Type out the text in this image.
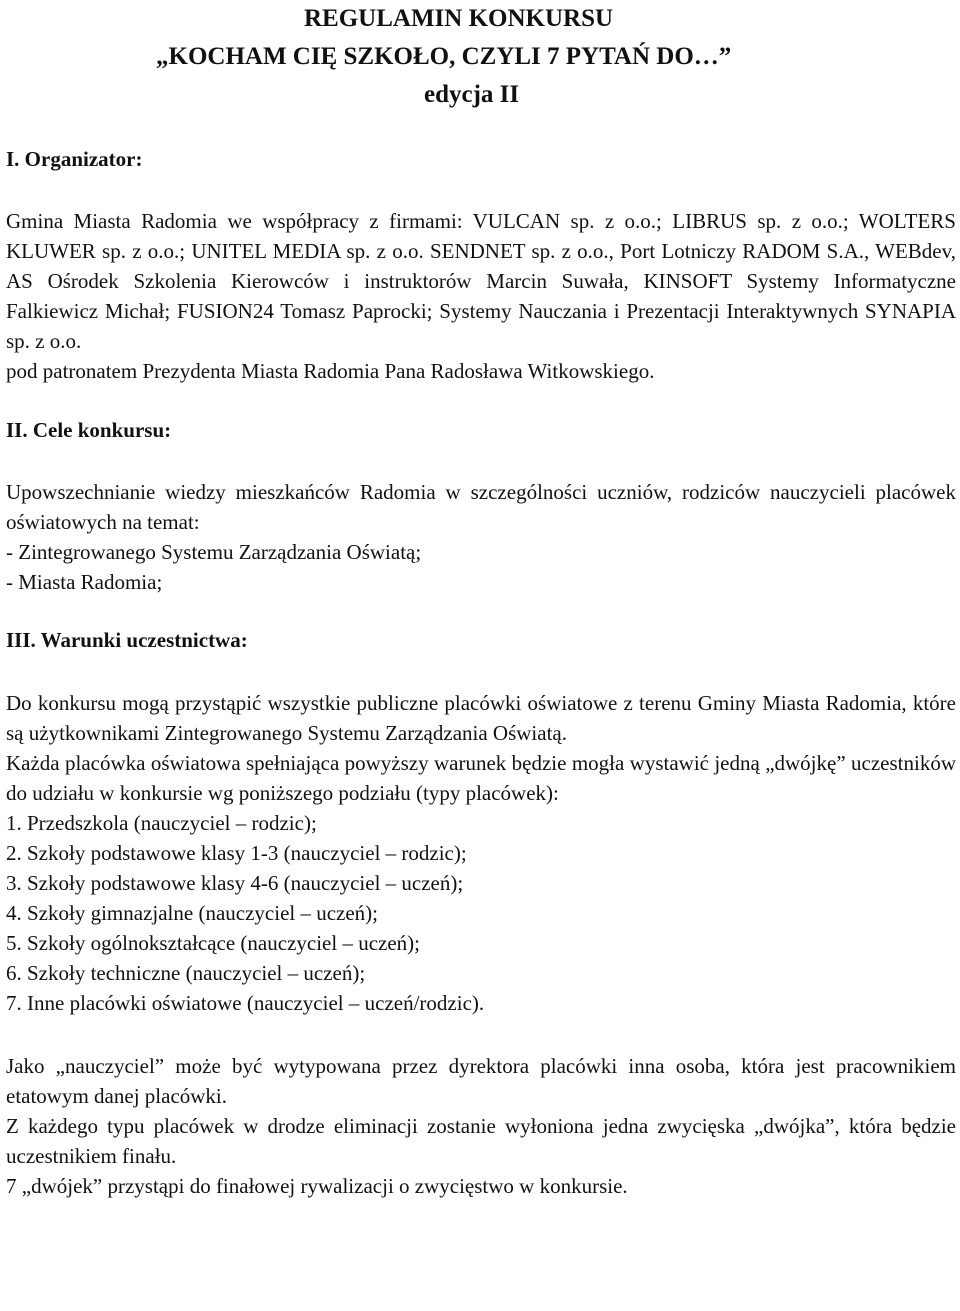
REGULAMIN KONKURSU

„KOCHAM CIĘ SZKOŁO, CZYLI 7 PYTAŃ DO…”

edycja II

I. Organizator:

Gmina Miasta Radomia we współpracy z firmami: VULCAN sp. z o.o.; LIBRUS sp. z o.o.; WOLTERS KLUWER sp. z o.o.; UNITEL MEDIA sp. z o.o. SENDNET sp. z o.o., Port Lotniczy RADOM S.A., WEBdev, AS Ośrodek Szkolenia Kierowców i instruktorów Marcin Suwała, KINSOFT Systemy Informatyczne Falkiewicz Michał; FUSION24 Tomasz Paprocki; Systemy Nauczania i Prezentacji Interaktywnych SYNAPIA sp. z o.o.

pod patronatem Prezydenta Miasta Radomia Pana Radosława Witkowskiego.

II. Cele konkursu:

Upowszechnianie wiedzy mieszkańców Radomia w szczególności uczniów, rodziców nauczycieli placówek oświatowych na temat:

- Zintegrowanego Systemu Zarządzania Oświatą;

- Miasta Radomia;

III. Warunki uczestnictwa:

Do konkursu mogą przystąpić wszystkie publiczne placówki oświatowe z terenu Gminy Miasta Radomia, które są użytkownikami Zintegrowanego Systemu Zarządzania Oświatą.

Każda placówka oświatowa spełniająca powyższy warunek będzie mogła wystawić jedną „dwójkę” uczestników do udziału w konkursie wg poniższego podziału (typy placówek):

1. Przedszkola (nauczyciel – rodzic);

2. Szkoły podstawowe klasy 1-3 (nauczyciel – rodzic);

3. Szkoły podstawowe klasy 4-6 (nauczyciel – uczeń);

4. Szkoły gimnazjalne (nauczyciel – uczeń);

5. Szkoły ogólnokształcące (nauczyciel – uczeń);

6. Szkoły techniczne (nauczyciel – uczeń);

7. Inne placówki oświatowe (nauczyciel – uczeń/rodzic).

Jako „nauczyciel” może być wytypowana przez dyrektora placówki inna osoba, która jest pracownikiem etatowym danej placówki.

Z każdego typu placówek w drodze eliminacji zostanie wyłoniona jedna zwycięska „dwójka”, która będzie uczestnikiem finału.

7 „dwójek” przystąpi do finałowej rywalizacji o zwycięstwo w konkursie.
